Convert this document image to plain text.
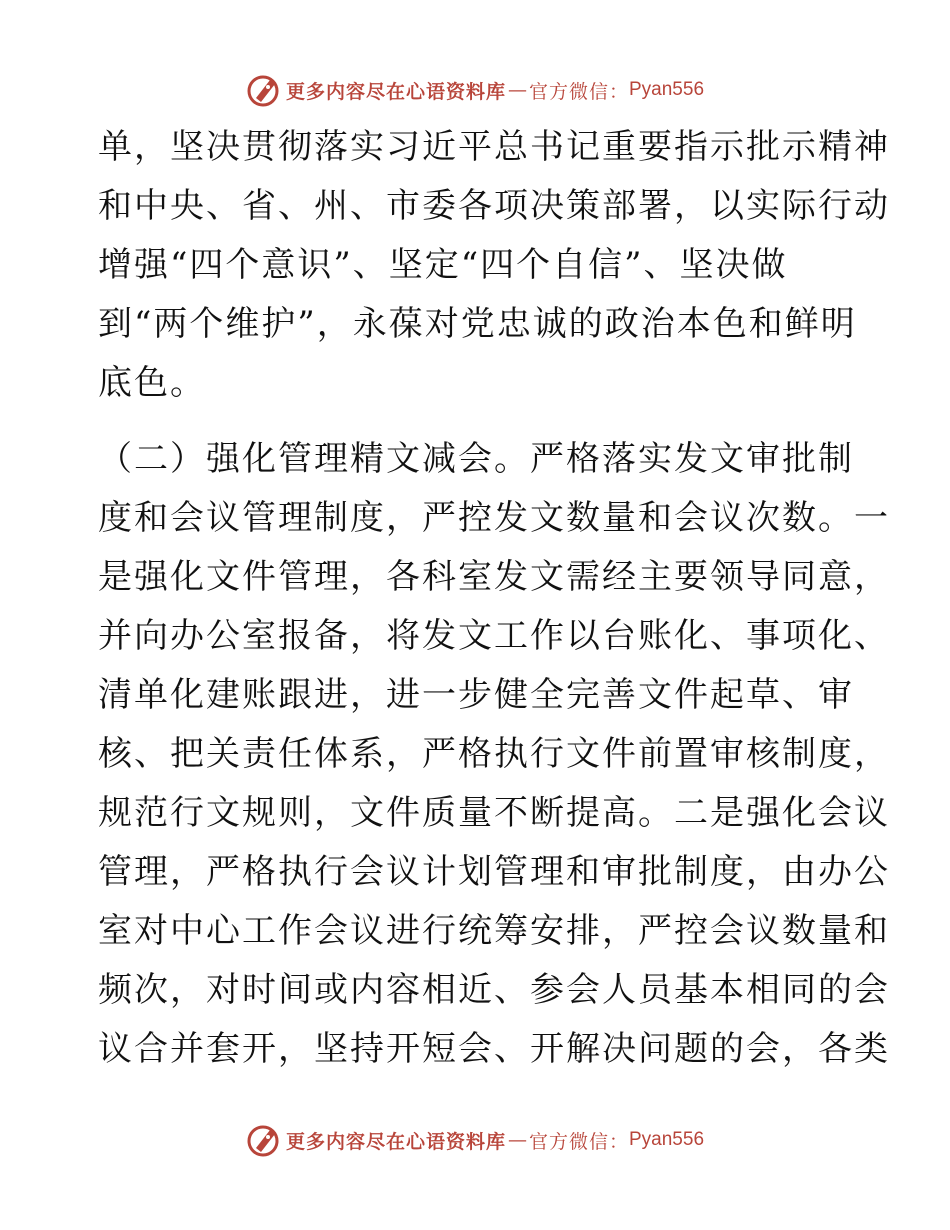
更多内容尽在心语资料库 — 官方微信： Pyan556
单，坚决贯彻落实习近平总书记重要指示批示精神
和中央、省、州、市委各项决策部署，以实际行动
增强“四个意识”、坚定“四个自信”、坚决做
到“两个维护”，永葆对党忠诚的政治本色和鲜明
底色。
（二）强化管理精文减会。严格落实发文审批制
度和会议管理制度，严控发文数量和会议次数。一
是强化文件管理，各科室发文需经主要领导同意，
并向办公室报备，将发文工作以台账化、事项化、
清单化建账跟进，进一步健全完善文件起草、审
核、把关责任体系，严格执行文件前置审核制度，
规范行文规则，文件质量不断提高。二是强化会议
管理，严格执行会议计划管理和审批制度，由办公
室对中心工作会议进行统筹安排，严控会议数量和
频次，对时间或内容相近、参会人员基本相同的会
议合并套开，坚持开短会、开解决问题的会，各类
更多内容尽在心语资料库 — 官方微信： Pyan556
